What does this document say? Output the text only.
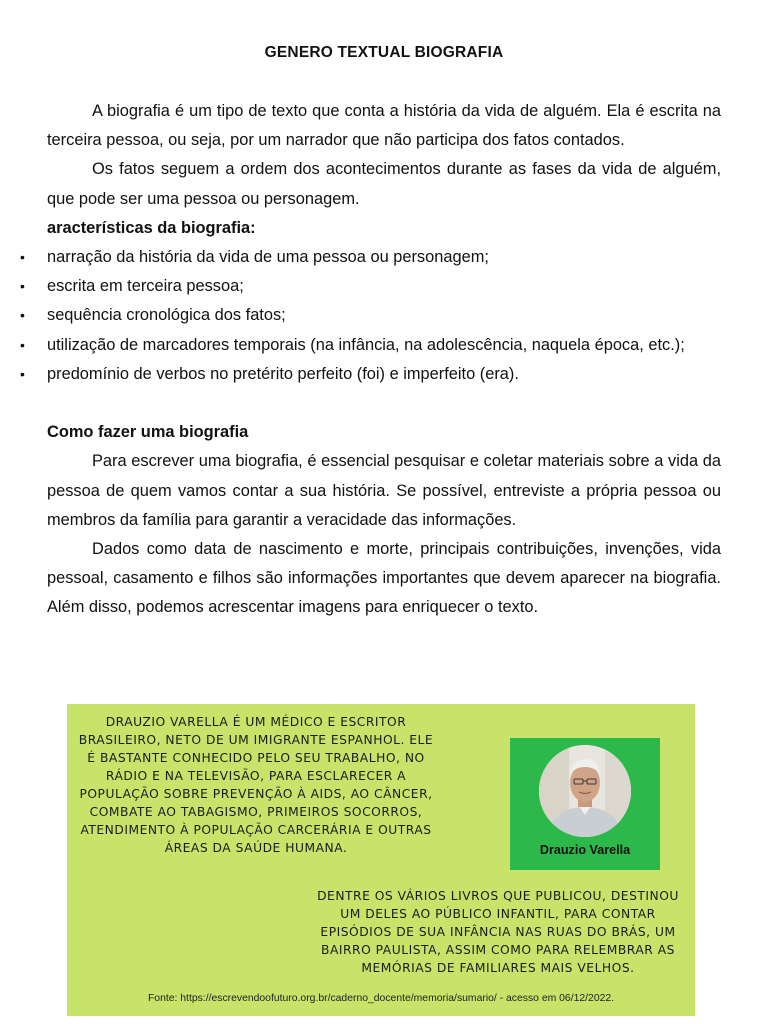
GENERO TEXTUAL BIOGRAFIA

A biografia é um tipo de texto que conta a história da vida de alguém. Ela é escrita na terceira pessoa, ou seja, por um narrador que não participa dos fatos contados.

Os fatos seguem a ordem dos acontecimentos durante as fases da vida de alguém, que pode ser uma pessoa ou personagem.

aracterísticas da biografia:
• narração da história da vida de uma pessoa ou personagem;
• escrita em terceira pessoa;
• sequência cronológica dos fatos;
• utilização de marcadores temporais (na infância, na adolescência, naquela época, etc.);
• predomínio de verbos no pretérito perfeito (foi) e imperfeito (era).
Como fazer uma biografia

Para escrever uma biografia, é essencial pesquisar e coletar materiais sobre a vida da pessoa de quem vamos contar a sua história. Se possível, entreviste a própria pessoa ou membros da família para garantir a veracidade das informações.

Dados como data de nascimento e morte, principais contribuições, invenções, vida pessoal, casamento e filhos são informações importantes que devem aparecer na biografia. Além disso, podemos acrescentar imagens para enriquecer o texto.

DRAUZIO VARELLA É UM MÉDICO E ESCRITOR BRASILEIRO, NETO DE UM IMIGRANTE ESPANHOL. ELE É BASTANTE CONHECIDO PELO SEU TRABALHO, NO RÁDIO E NA TELEVISÃO, PARA ESCLARECER A POPULAÇÃO SOBRE PREVENÇÃO À AIDS, AO CÂNCER, COMBATE AO TABAGISMO, PRIMEIROS SOCORROS, ATENDIMENTO À POPULAÇÃO CARCERÁRIA E OUTRAS ÁREAS DA SAÚDE HUMANA.	Drauzio Varella
DENTRE OS VÁRIOS LIVROS QUE PUBLICOU, DESTINOU UM DELES AO PÚBLICO INFANTIL, PARA CONTAR EPISÓDIOS DE SUA INFÂNCIA NAS RUAS DO BRÁS, UM BAIRRO PAULISTA, ASSIM COMO PARA RELEMBRAR AS MEMÓRIAS DE FAMILIARES MAIS VELHOS.
Fonte: https://escrevendoofuturo.org.br/caderno_docente/memoria/sumario/ - acesso em 06/12/2022.
